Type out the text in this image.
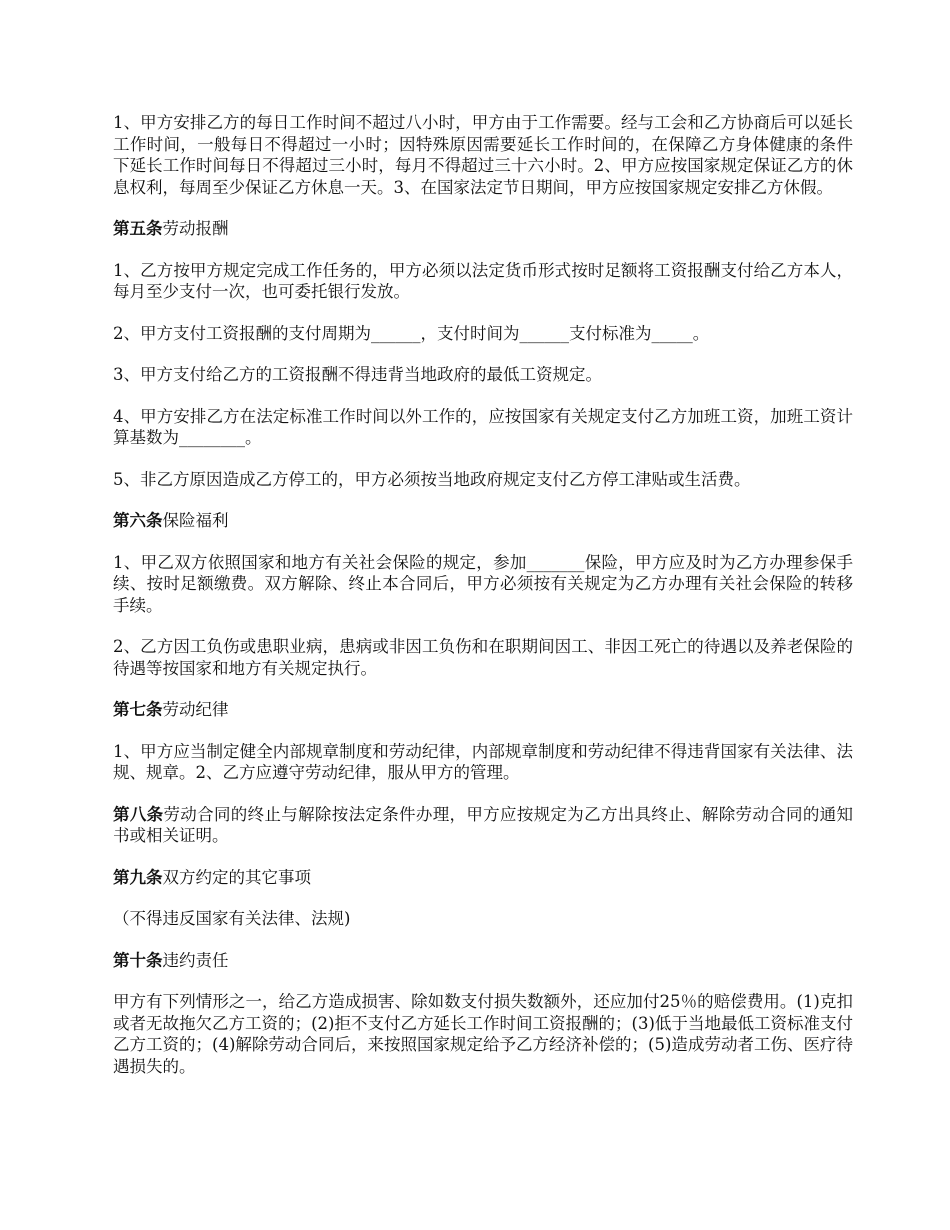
1、甲方安排乙方的每日工作时间不超过八小时，甲方由于工作需要。经与工会和乙方协商后可以延长工作时间，一般每日不得超过一小时；因特殊原因需要延长工作时间的，在保障乙方身体健康的条件下延长工作时间每日不得超过三小时，每月不得超过三十六小时。2、甲方应按国家规定保证乙方的休息权利，每周至少保证乙方休息一天。3、在国家法定节日期间，甲方应按国家规定安排乙方休假。

第五条劳动报酬

1、乙方按甲方规定完成工作任务的，甲方必须以法定货币形式按时足额将工资报酬支付给乙方本人，每月至少支付一次，也可委托银行发放。

2、甲方支付工资报酬的支付周期为______，支付时间为______支付标准为_____。

3、甲方支付给乙方的工资报酬不得违背当地政府的最低工资规定。

4、甲方安排乙方在法定标准工作时间以外工作的，应按国家有关规定支付乙方加班工资，加班工资计算基数为________。

5、非乙方原因造成乙方停工的，甲方必须按当地政府规定支付乙方停工津贴或生活费。

第六条保险福利

1、甲乙双方依照国家和地方有关社会保险的规定，参加_______保险，甲方应及时为乙方办理参保手续、按时足额缴费。双方解除、终止本合同后，甲方必须按有关规定为乙方办理有关社会保险的转移手续。

2、乙方因工负伤或患职业病，患病或非因工负伤和在职期间因工、非因工死亡的待遇以及养老保险的待遇等按国家和地方有关规定执行。

第七条劳动纪律

1、甲方应当制定健全内部规章制度和劳动纪律，内部规章制度和劳动纪律不得违背国家有关法律、法规、规章。2、乙方应遵守劳动纪律，服从甲方的管理。

第八条劳动合同的终止与解除按法定条件办理，甲方应按规定为乙方出具终止、解除劳动合同的通知书或相关证明。

第九条双方约定的其它事项

（不得违反国家有关法律、法规)

第十条违约责任

甲方有下列情形之一，给乙方造成损害、除如数支付损失数额外，还应加付25％的赔偿费用。(1)克扣或者无故拖欠乙方工资的；(2)拒不支付乙方延长工作时间工资报酬的；(3)低于当地最低工资标准支付乙方工资的；(4)解除劳动合同后，来按照国家规定给予乙方经济补偿的；(5)造成劳动者工伤、医疗待遇损失的。
